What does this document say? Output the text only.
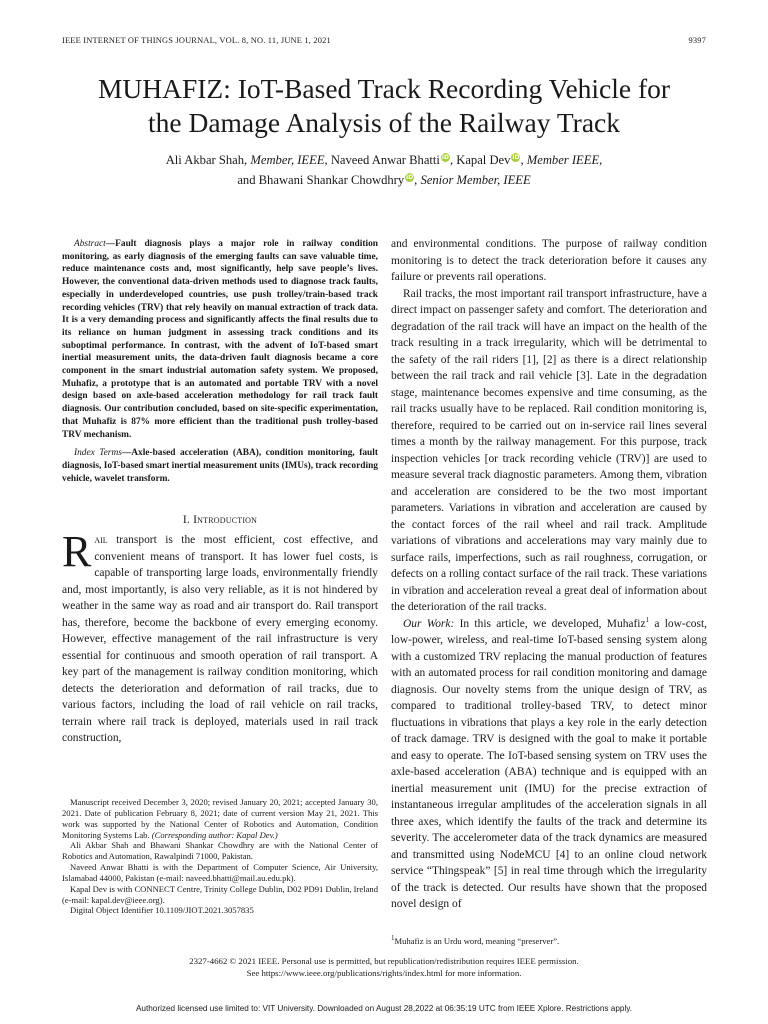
IEEE INTERNET OF THINGS JOURNAL, VOL. 8, NO. 11, JUNE 1, 2021	9397
MUHAFIZ: IoT-Based Track Recording Vehicle for
the Damage Analysis of the Railway Track
Ali Akbar Shah, Member, IEEE, Naveed Anwar Bhatti iD, Kapal Dev iD, Member IEEE,
and Bhawani Shankar Chowdhry iD, Senior Member, IEEE

Abstract—Fault diagnosis plays a major role in railway condition monitoring, as early diagnosis of the emerging faults can save valuable time, reduce maintenance costs and, most significantly, help save people’s lives. However, the conventional data-driven methods used to diagnose track faults, especially in underdeveloped countries, use push trolley/train-based track recording vehicles (TRV) that rely heavily on manual extraction of track data. It is a very demanding process and significantly affects the final results due to its reliance on human judgment in assessing track conditions and its suboptimal performance. In contrast, with the advent of IoT-based smart inertial measurement units, the data-driven fault diagnosis became a core component in the smart industrial automation safety system. We proposed, Muhafiz, a prototype that is an automated and portable TRV with a novel design based on axle-based acceleration methodology for rail track fault diagnosis. Our contribution concluded, based on site-specific experimentation, that Muhafiz is 87% more efficient than the traditional push trolley-based TRV mechanism.

Index Terms—Axle-based acceleration (ABA), condition monitoring, fault diagnosis, IoT-based smart inertial measurement units (IMUs), track recording vehicle, wavelet transform.

I. Introduction

Rail transport is the most efficient, cost effective, and convenient means of transport. It has lower fuel costs, is capable of transporting large loads, environmentally friendly and, most importantly, is also very reliable, as it is not hindered by weather in the same way as road and air transport do. Rail transport has, therefore, become the backbone of every emerging economy. However, effective management of the rail infrastructure is very essential for continuous and smooth operation of rail transport. A key part of the management is railway condition monitoring, which detects the deterioration and deformation of rail tracks, due to various factors, including the load of rail vehicle on rail tracks, terrain where rail track is deployed, materials used in rail track construction,

Manuscript received December 3, 2020; revised January 20, 2021; accepted January 30, 2021. Date of publication February 8, 2021; date of current version May 21, 2021. This work was supported by the National Center of Robotics and Automation, Condition Monitoring Systems Lab. (Corresponding author: Kapal Dev.)

Ali Akbar Shah and Bhawani Shankar Chowdhry are with the National Center of Robotics and Automation, Rawalpindi 71000, Pakistan.

Naveed Anwar Bhatti is with the Department of Computer Science, Air University, Islamabad 44000, Pakistan (e-mail: naveed.bhatti@mail.au.edu.pk).

Kapal Dev is with CONNECT Centre, Trinity College Dublin, D02 PD91 Dublin, Ireland (e-mail: kapal.dev@ieee.org).

Digital Object Identifier 10.1109/JIOT.2021.3057835

and environmental conditions. The purpose of railway condition monitoring is to detect the track deterioration before it causes any failure or prevents rail operations.

Rail tracks, the most important rail transport infrastructure, have a direct impact on passenger safety and comfort. The deterioration and degradation of the rail track will have an impact on the health of the track resulting in a track irregularity, which will be detrimental to the safety of the rail riders [1], [2] as there is a direct relationship between the rail track and rail vehicle [3]. Late in the degradation stage, maintenance becomes expensive and time consuming, as the rail tracks usually have to be replaced. Rail condition monitoring is, therefore, required to be carried out on in-service rail lines several times a month by the railway management. For this purpose, track inspection vehicles [or track recording vehicle (TRV)] are used to measure several track diagnostic parameters. Among them, vibration and acceleration are considered to be the two most important parameters. Variations in vibration and acceleration are caused by the contact forces of the rail wheel and rail track. Amplitude variations of vibrations and accelerations may vary mainly due to surface rails, imperfections, such as rail roughness, corrugation, or defects on a rolling contact surface of the rail track. These variations in vibration and acceleration reveal a great deal of information about the deterioration of the rail tracks.

Our Work: In this article, we developed, Muhafiz$^1$ a low-cost, low-power, wireless, and real-time IoT-based sensing system along with a customized TRV replacing the manual production of features with an automated process for rail condition monitoring and damage diagnosis. Our novelty stems from the unique design of TRV, as compared to traditional trolley-based TRV, to detect minor fluctuations in vibrations that plays a key role in the early detection of track damage. TRV is designed with the goal to make it portable and easy to operate. The IoT-based sensing system on TRV uses the axle-based acceleration (ABA) technique and is equipped with an inertial measurement unit (IMU) for the precise extraction of instantaneous irregular amplitudes of the acceleration signals in all three axes, which identify the faults of the track and determine its severity. The accelerometer data of the track dynamics are measured and transmitted using NodeMCU [4] to an online cloud network service “Thingspeak” [5] in real time through which the irregularity of the track is detected. Our results have shown that the proposed novel design of

$^1$Muhafiz is an Urdu word, meaning “preserver”.
2327-4662 © 2021 IEEE. Personal use is permitted, but republication/redistribution requires IEEE permission.
See https://www.ieee.org/publications/rights/index.html for more information.
Authorized licensed use limited to: VIT University. Downloaded on August 28,2022 at 06:35:19 UTC from IEEE Xplore. Restrictions apply.
